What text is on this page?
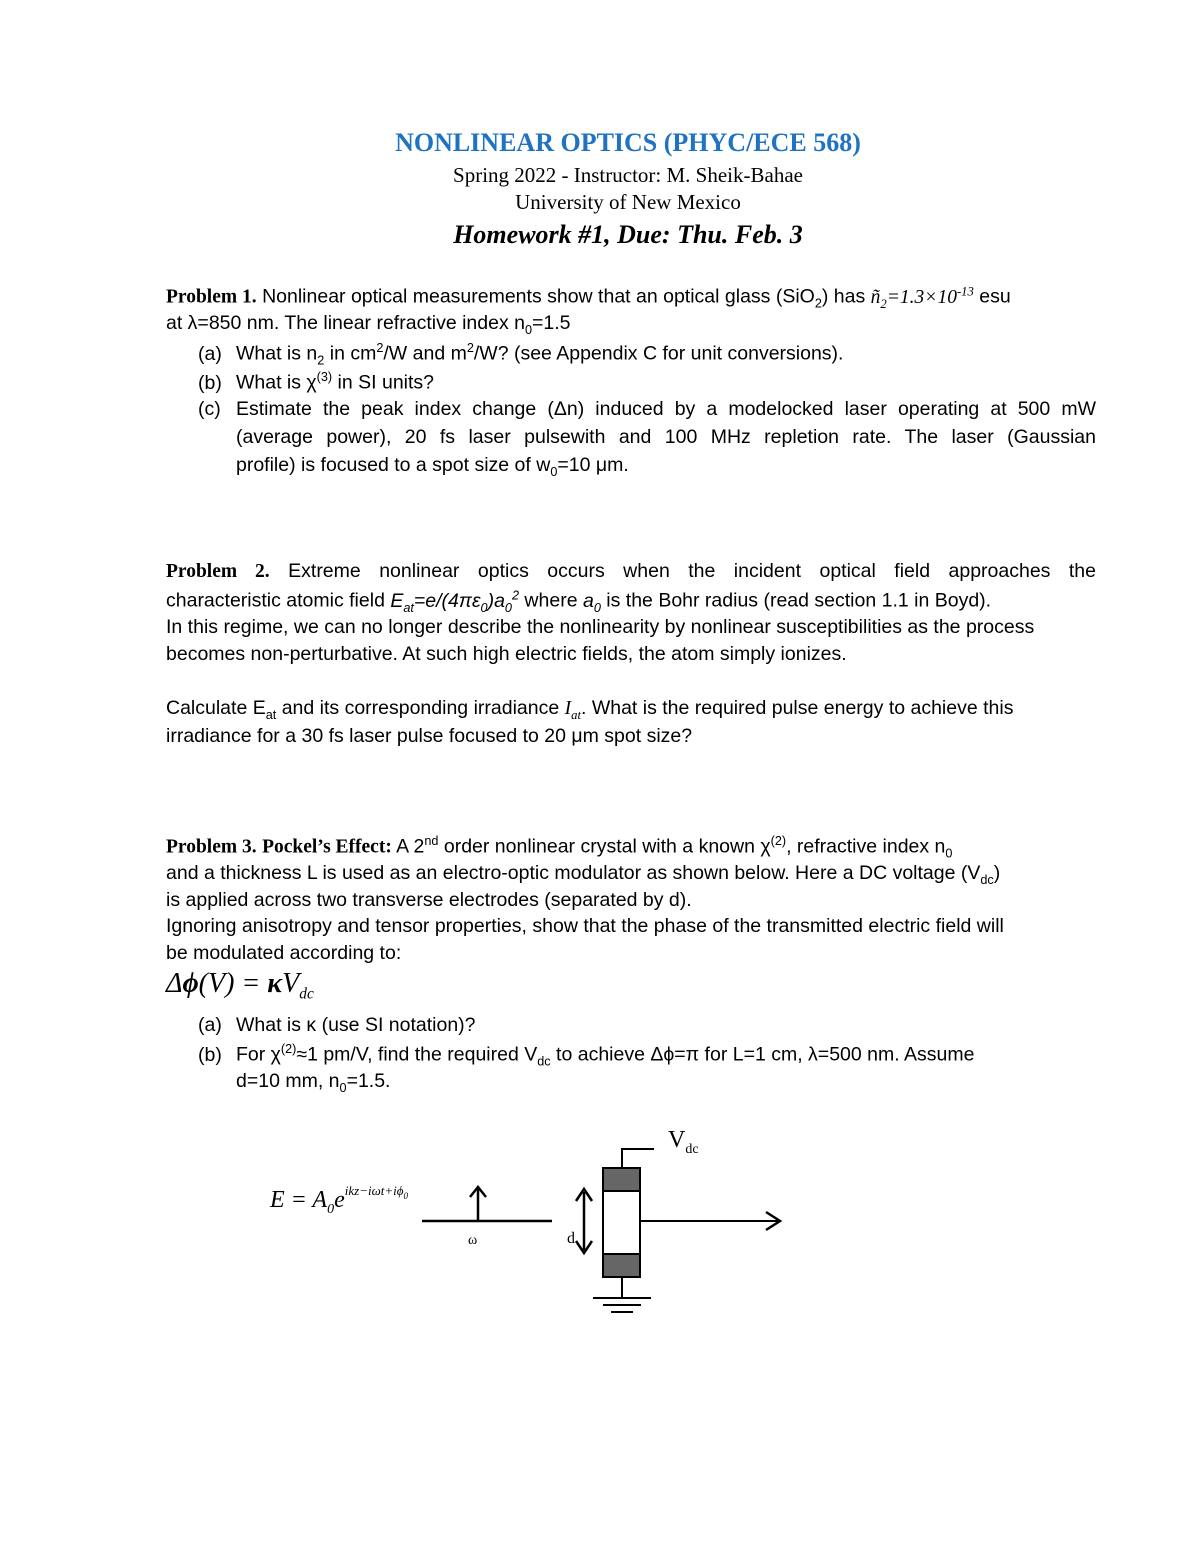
NONLINEAR OPTICS (PHYC/ECE 568)
Spring 2022 - Instructor: M. Sheik-Bahae
University of New Mexico
Homework #1, Due: Thu. Feb. 3
Problem 1. Nonlinear optical measurements show that an optical glass (SiO$_2$) has $ñ_2=1.3\times 10^{-13}$ esu
at λ=850 nm. The linear refractive index $n_0=1.5$
(a) What is $n_2$ in $cm^2/W$ and $m^2/W$? (see Appendix C for unit conversions).
(b) What is $\chi^{(3)}$ in SI units?
(c) Estimate the peak index change (Δn) induced by a modelocked laser operating at 500 mW
(average power), 20 fs laser pulsewith and 100 MHz repletion rate. The laser (Gaussian
profile) is focused to a spot size of $w_0=10$ μm.
Problem 2. Extreme nonlinear optics occurs when the incident optical field approaches the
characteristic atomic field $E_{at}=e/(4\pi\varepsilon_0)a_0^2$ where $a_0$ is the Bohr radius (read section 1.1 in Boyd).
In this regime, we can no longer describe the nonlinearity by nonlinear susceptibilities as the process
becomes non-perturbative. At such high electric fields, the atom simply ionizes.
Calculate $E_{at}$ and its corresponding irradiance $I_{at}$. What is the required pulse energy to achieve this
irradiance for a 30 fs laser pulse focused to 20 μm spot size?
Problem 3. Pockel’s Effect: A 2nd order nonlinear crystal with a known $\chi^{(2)}$, refractive index $n_0$
and a thickness L is used as an electro-optic modulator as shown below. Here a DC voltage $(V_{dc})$
is applied across two transverse electrodes (separated by d).
Ignoring anisotropy and tensor properties, show that the phase of the transmitted electric field will
be modulated according to:
$\Delta\phi(V) = \kappa V_{dc}$
(a) What is κ (use SI notation)?
(b) For $\chi^{(2)}\approx 1$ pm/V, find the required $V_{dc}$ to achieve Δϕ=π for L=1 cm, λ=500 nm. Assume
d=10 mm, $n_0=1.5$.
$E = A_0e^{ikz-i\omega t+i\phi}0$
ω	d
$V_{dc}$
